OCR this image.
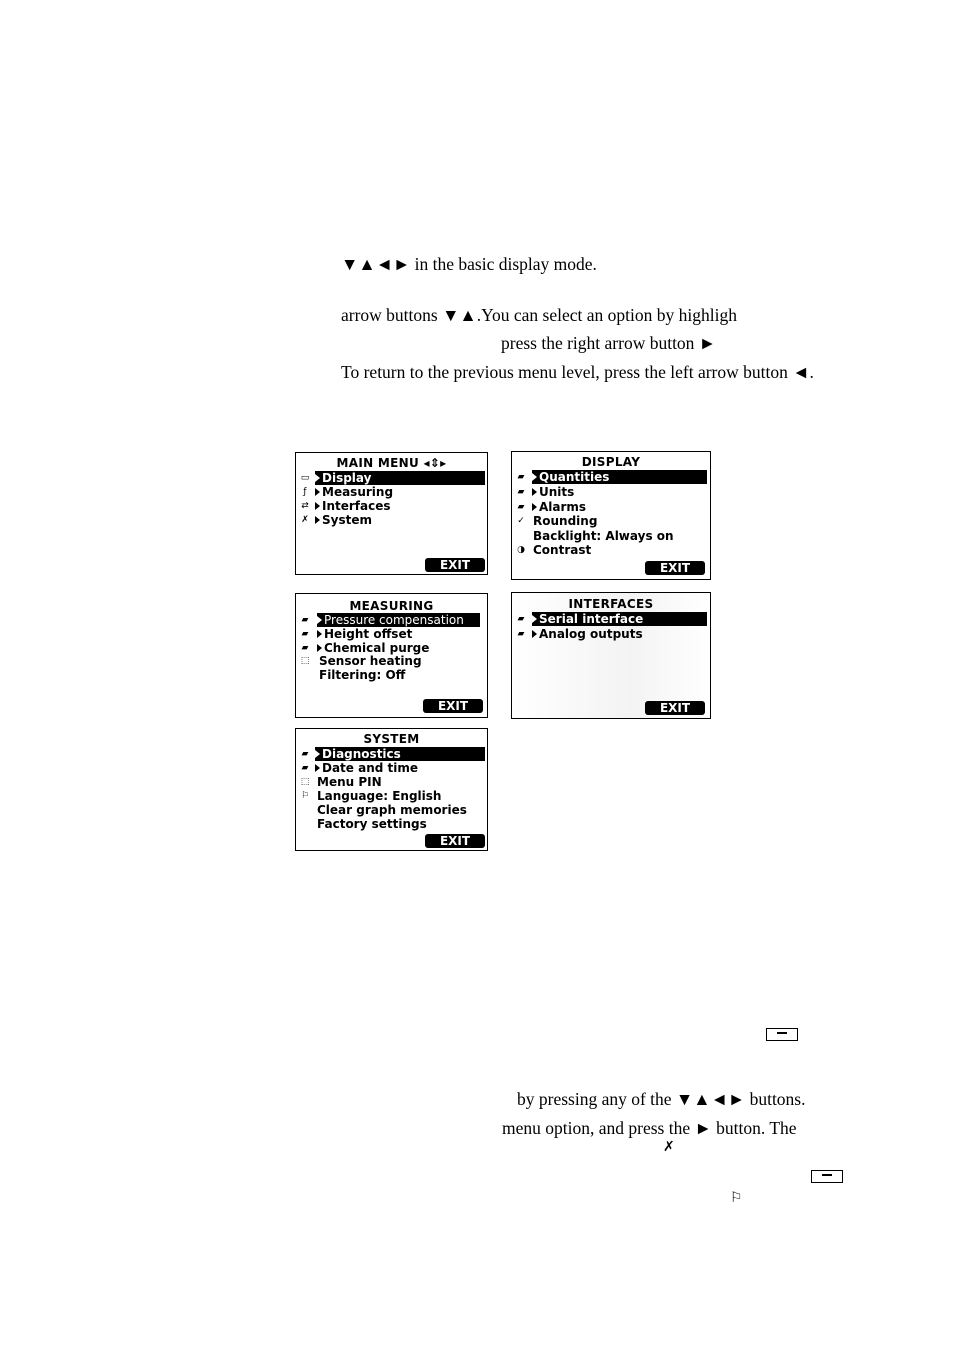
▼▲◄► in the basic display mode.
arrow buttons ▼▲.You can select an option by highligh
press the right arrow button ►
To return to the previous menu level, press the left arrow button ◄.
MAIN MENU ◂⇕▸
▭	Display
ƒ	Measuring
⇄	Interfaces
✗	System
EXIT
DISPLAY
▰	Quantities
▰	Units
▰	Alarms
✓ Rounding
Backlight: Always on
◑ Contrast
EXIT
MEASURING
▰	Pressure compensation
▰	Height offset
▰	Chemical purge
⬚ Sensor heating
Filtering: Off
EXIT
INTERFACES
▰	Serial interface
▰	Analog outputs
EXIT
SYSTEM
▰	Diagnostics
▰	Date and time
⬚ Menu PIN
⚐ Language: English
Clear graph memories
Factory settings
EXIT
by pressing any of the ▼▲◄► buttons.
menu option, and press the ► button. The
✗
⚐
